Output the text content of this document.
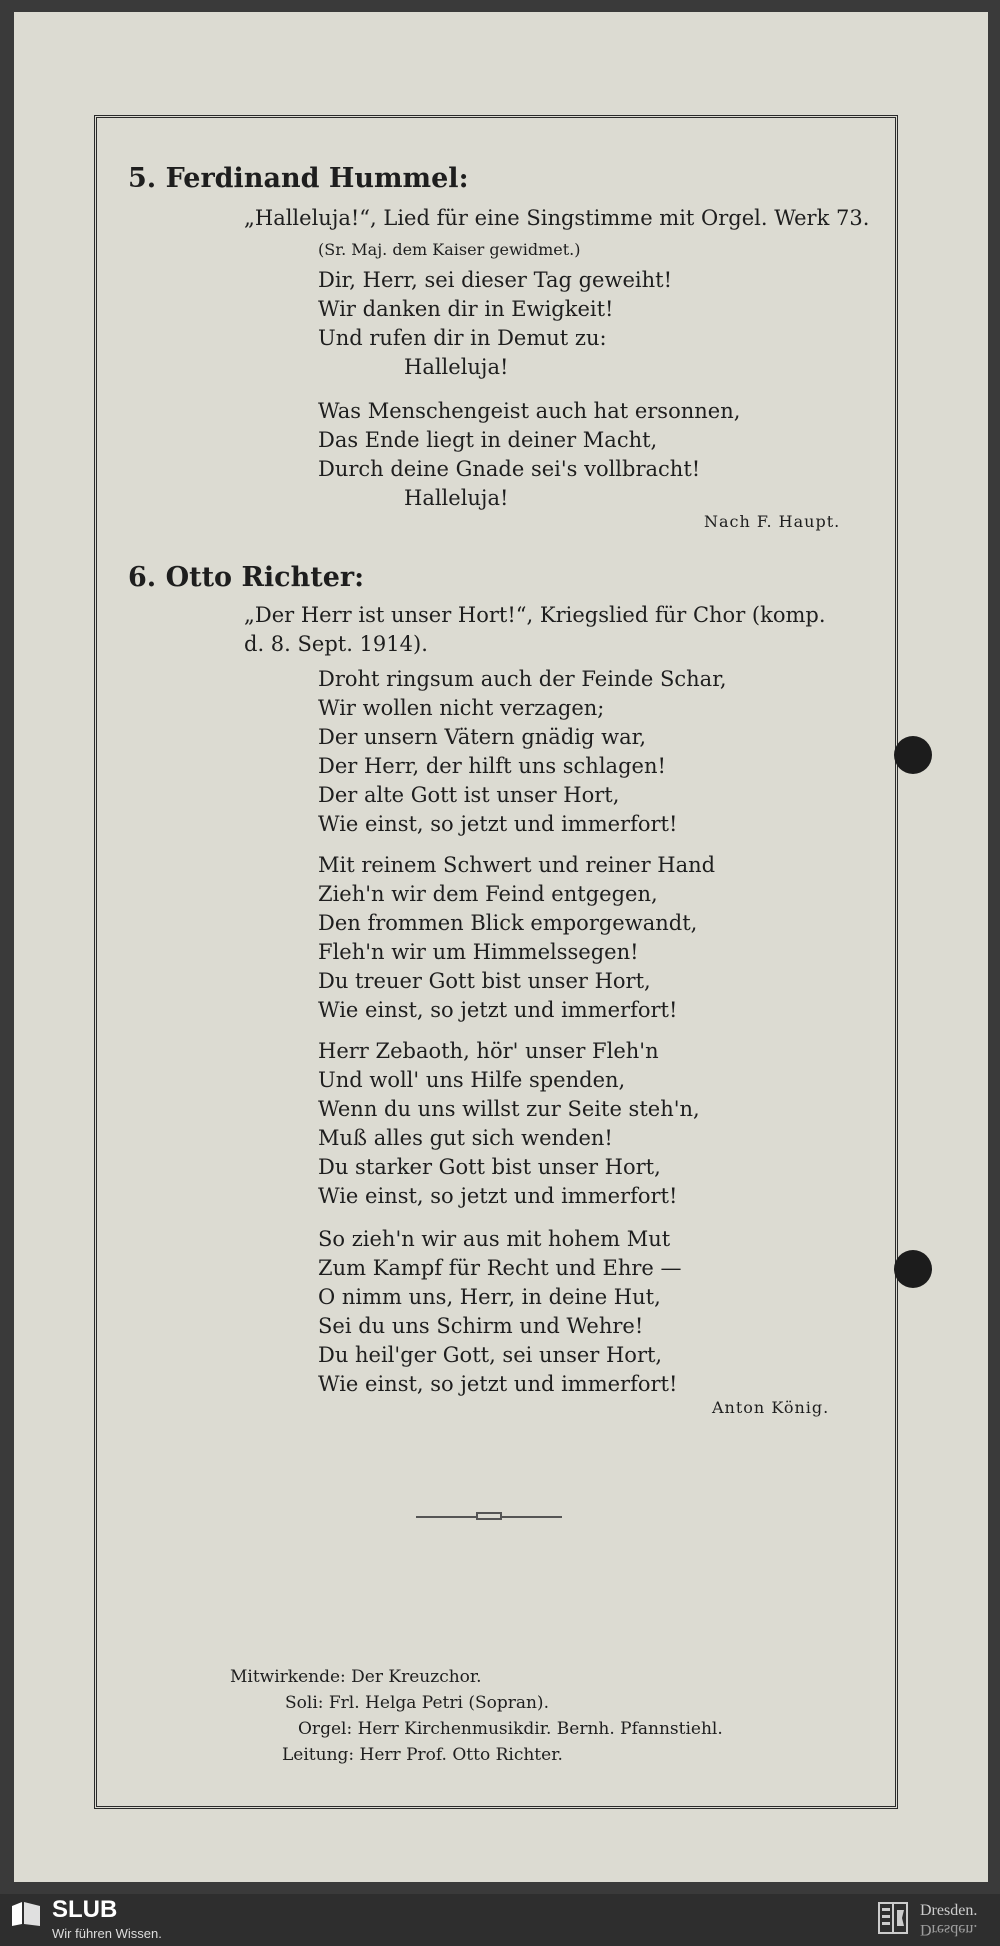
5. Ferdinand Hummel:
„Halleluja!“, Lied für eine Singstimme mit Orgel. Werk 73.
(Sr. Maj. dem Kaiser gewidmet.)
Dir, Herr, sei dieser Tag geweiht!
Wir danken dir in Ewigkeit!
Und rufen dir in Demut zu:
Halleluja!
Was Menschengeist auch hat ersonnen,
Das Ende liegt in deiner Macht,
Durch deine Gnade sei's vollbracht!
Halleluja!
Nach F. Haupt.
6. Otto Richter:
„Der Herr ist unser Hort!“, Kriegslied für Chor (komp.
d. 8. Sept. 1914).
Droht ringsum auch der Feinde Schar,
Wir wollen nicht verzagen;
Der unsern Vätern gnädig war,
Der Herr, der hilft uns schlagen!
Der alte Gott ist unser Hort,
Wie einst, so jetzt und immerfort!
Mit reinem Schwert und reiner Hand
Zieh'n wir dem Feind entgegen,
Den frommen Blick emporgewandt,
Fleh'n wir um Himmelssegen!
Du treuer Gott bist unser Hort,
Wie einst, so jetzt und immerfort!
Herr Zebaoth, hör' unser Fleh'n
Und woll' uns Hilfe spenden,
Wenn du uns willst zur Seite steh'n,
Muß alles gut sich wenden!
Du starker Gott bist unser Hort,
Wie einst, so jetzt und immerfort!
So zieh'n wir aus mit hohem Mut
Zum Kampf für Recht und Ehre —
O nimm uns, Herr, in deine Hut,
Sei du uns Schirm und Wehre!
Du heil'ger Gott, sei unser Hort,
Wie einst, so jetzt und immerfort!
Anton König.
Mitwirkende: Der Kreuzchor.
Soli: Frl. Helga Petri (Sopran).
Orgel: Herr Kirchenmusikdir. Bernh. Pfannstiehl.
Leitung: Herr Prof. Otto Richter.
SLUB
Wir führen Wissen.
Dresden.
Dresden.
